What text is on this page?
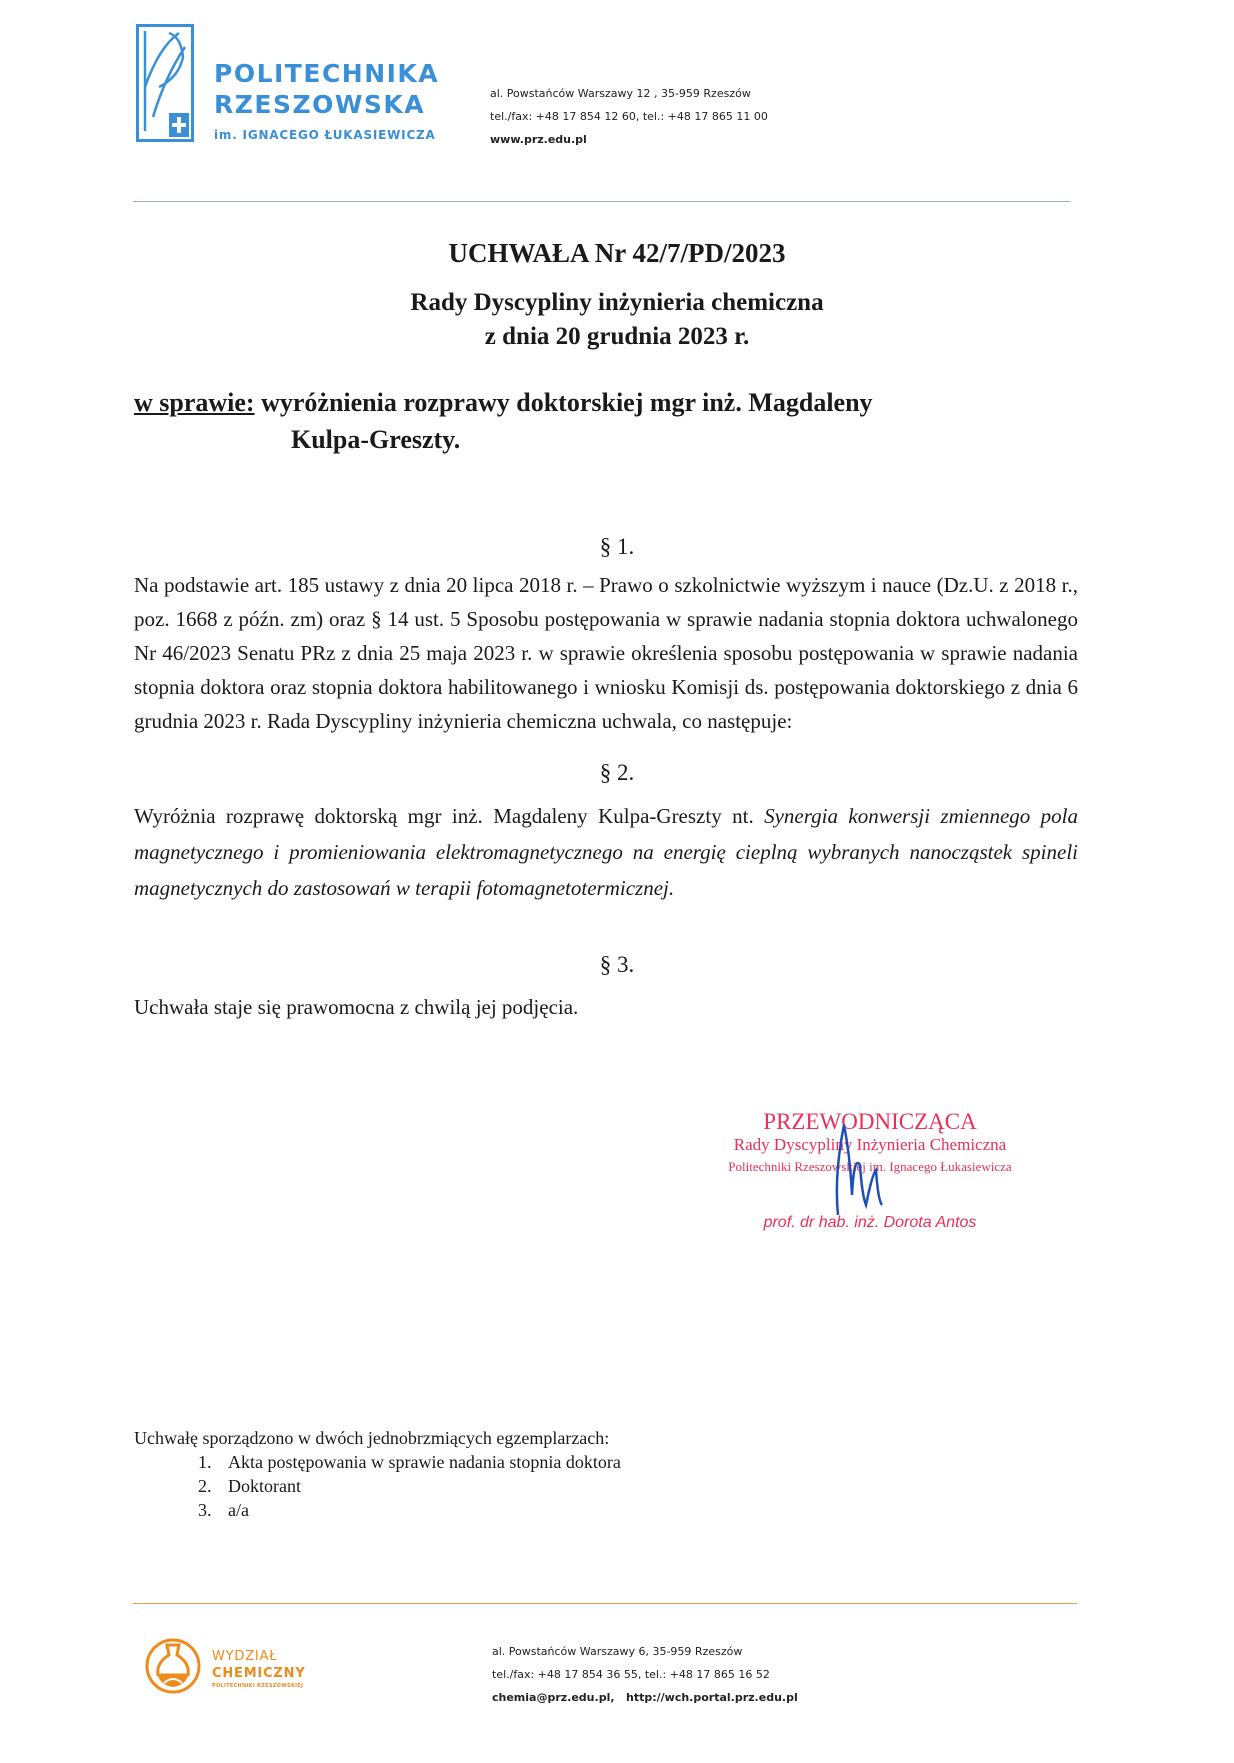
POLITECHNIKA
RZESZOWSKA
im. IGNACEGO ŁUKASIEWICZA
al. Powstańców Warszawy 12 , 35-959 Rzeszów
tel./fax: +48 17 854 12 60, tel.: +48 17 865 11 00
www.prz.edu.pl
UCHWAŁA Nr 42/7/PD/2023
Rady Dyscypliny inżynieria chemiczna
z dnia 20 grudnia 2023 r.
w sprawie: wyróżnienia rozprawy doktorskiej mgr inż. Magdaleny
Kulpa-Greszty.
§ 1.
Na podstawie art. 185 ustawy z dnia 20 lipca 2018 r. – Prawo o szkolnictwie wyższym i nauce (Dz.U. z 2018 r., poz. 1668 z późn. zm) oraz § 14 ust. 5 Sposobu postępowania w sprawie nadania stopnia doktora uchwalonego Nr 46/2023 Senatu PRz z dnia 25 maja 2023 r. w sprawie określenia sposobu postępowania w sprawie nadania stopnia doktora oraz stopnia doktora habilitowanego i wniosku Komisji ds. postępowania doktorskiego z dnia 6 grudnia 2023 r. Rada Dyscypliny inżynieria chemiczna uchwala, co następuje:
§ 2.
Wyróżnia rozprawę doktorską mgr inż. Magdaleny Kulpa-Greszty nt. Synergia konwersji zmiennego pola magnetycznego i promieniowania elektromagnetycznego na energię cieplną wybranych nanocząstek spineli magnetycznych do zastosowań w terapii fotomagnetotermicznej.
§ 3.
Uchwała staje się prawomocna z chwilą jej podjęcia.
PRZEWODNICZĄCA
Rady Dyscypliny Inżynieria Chemiczna
Politechniki Rzeszowskiej im. Ignacego Łukasiewicza
prof. dr hab. inż. Dorota Antos
Uchwałę sporządzono w dwóch jednobrzmiących egzemplarzach:
1. Akta postępowania w sprawie nadania stopnia doktora
2. Doktorant
3. a/a
WYDZIAŁ
CHEMICZNY
POLITECHNIKI RZESZOWSKIEJ
al. Powstańców Warszawy 6, 35-959 Rzeszów
tel./fax: +48 17 854 36 55, tel.: +48 17 865 16 52
chemia@prz.edu.pl, http://wch.portal.prz.edu.pl
